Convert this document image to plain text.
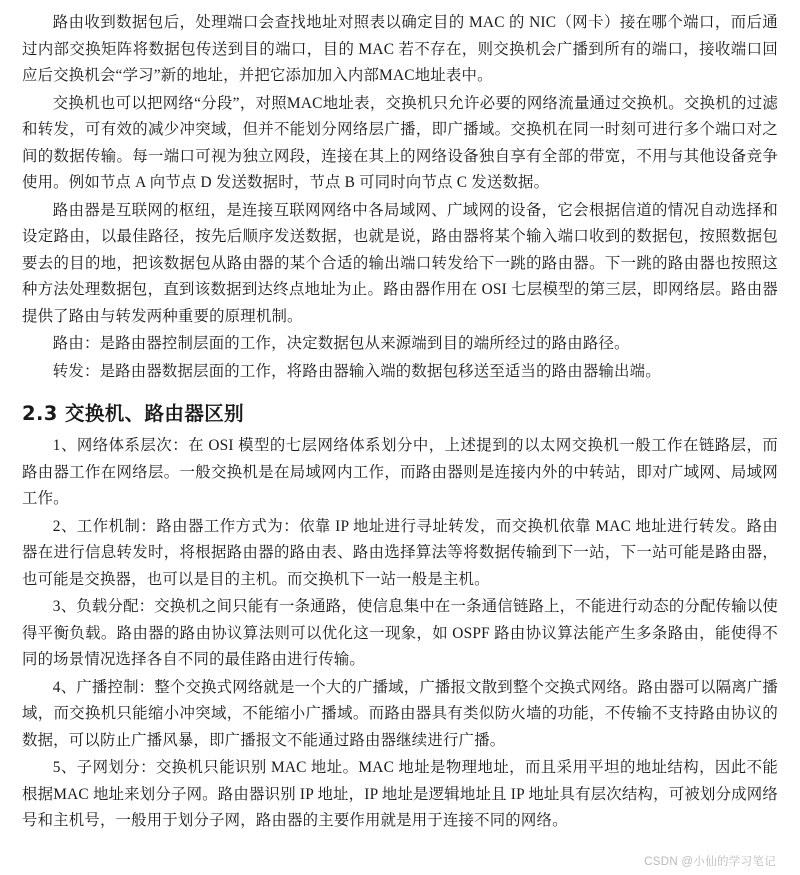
路由收到数据包后，处理端口会查找地址对照表以确定目的 MAC 的 NIC（网卡）接在哪个端口，而后通过内部交换矩阵将数据包传送到目的端口，目的 MAC 若不存在，则交换机会广播到所有的端口，接收端口回应后交换机会“学习”新的地址，并把它添加加入内部MAC地址表中。

交换机也可以把网络“分段”，对照MAC地址表，交换机只允许必要的网络流量通过交换机。交换机的过滤和转发，可有效的减少冲突域，但并不能划分网络层广播，即广播域。交换机在同一时刻可进行多个端口对之间的数据传输。每一端口可视为独立网段，连接在其上的网络设备独自享有全部的带宽，不用与其他设备竞争使用。例如节点 A 向节点 D 发送数据时，节点 B 可同时向节点 C 发送数据。

路由器是互联网的枢纽，是连接互联网网络中各局域网、广域网的设备，它会根据信道的情况自动选择和设定路由，以最佳路径，按先后顺序发送数据，也就是说，路由器将某个输入端口收到的数据包，按照数据包要去的目的地，把该数据包从路由器的某个合适的输出端口转发给下一跳的路由器。下一跳的路由器也按照这种方法处理数据包，直到该数据到达终点地址为止。路由器作用在 OSI 七层模型的第三层，即网络层。路由器提供了路由与转发两种重要的原理机制。

路由：是路由器控制层面的工作，决定数据包从来源端到目的端所经过的路由路径。

转发：是路由器数据层面的工作，将路由器输入端的数据包移送至适当的路由器输出端。

2.3 交换机、路由器区别

1、网络体系层次：在 OSI 模型的七层网络体系划分中，上述提到的以太网交换机一般工作在链路层，而路由器工作在网络层。一般交换机是在局域网内工作，而路由器则是连接内外的中转站，即对广域网、局域网工作。

2、工作机制：路由器工作方式为：依靠 IP 地址进行寻址转发，而交换机依靠 MAC 地址进行转发。路由器在进行信息转发时，将根据路由器的路由表、路由选择算法等将数据传输到下一站，下一站可能是路由器，也可能是交换器，也可以是目的主机。而交换机下一站一般是主机。

3、负载分配：交换机之间只能有一条通路，使信息集中在一条通信链路上，不能进行动态的分配传输以使得平衡负载。路由器的路由协议算法则可以优化这一现象，如 OSPF 路由协议算法能产生多条路由，能使得不同的场景情况选择各自不同的最佳路由进行传输。

4、广播控制：整个交换式网络就是一个大的广播域，广播报文散到整个交换式网络。路由器可以隔离广播域，而交换机只能缩小冲突域，不能缩小广播域。而路由器具有类似防火墙的功能，不传输不支持路由协议的数据，可以防止广播风暴，即广播报文不能通过路由器继续进行广播。

5、子网划分：交换机只能识别 MAC 地址。MAC 地址是物理地址，而且采用平坦的地址结构，因此不能根据MAC 地址来划分子网。路由器识别 IP 地址，IP 地址是逻辑地址且 IP 地址具有层次结构，可被划分成网络号和主机号，一般用于划分子网，路由器的主要作用就是用于连接不同的网络。

CSDN @小仙的学习笔记
